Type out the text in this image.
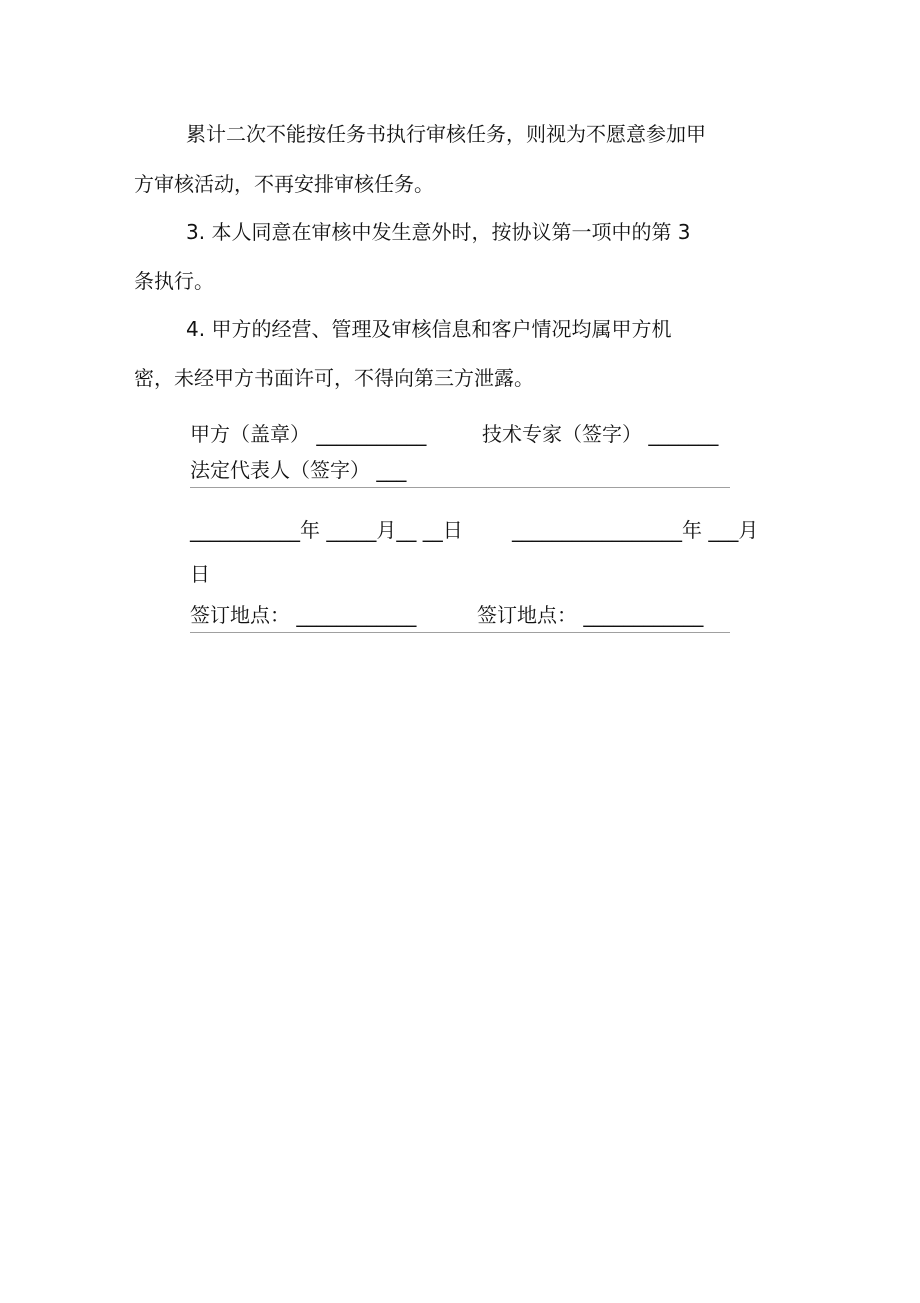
累计二次不能按任务书执行审核任务，则视为不愿意参加甲
方审核活动，不再安排审核任务。
3. 本人同意在审核中发生意外时，按协议第一项中的第 3
条执行。
4. 甲方的经营、管理及审核信息和客户情况均属甲方机
密，未经甲方书面许可，不得向第三方泄露。
甲方（盖章） ___________	技术专家（签字） _______
法定代表人（签字） ___
___________年 _____月__ __日 _________________年 ___月
日
签订地点： ____________	签订地点： ____________
